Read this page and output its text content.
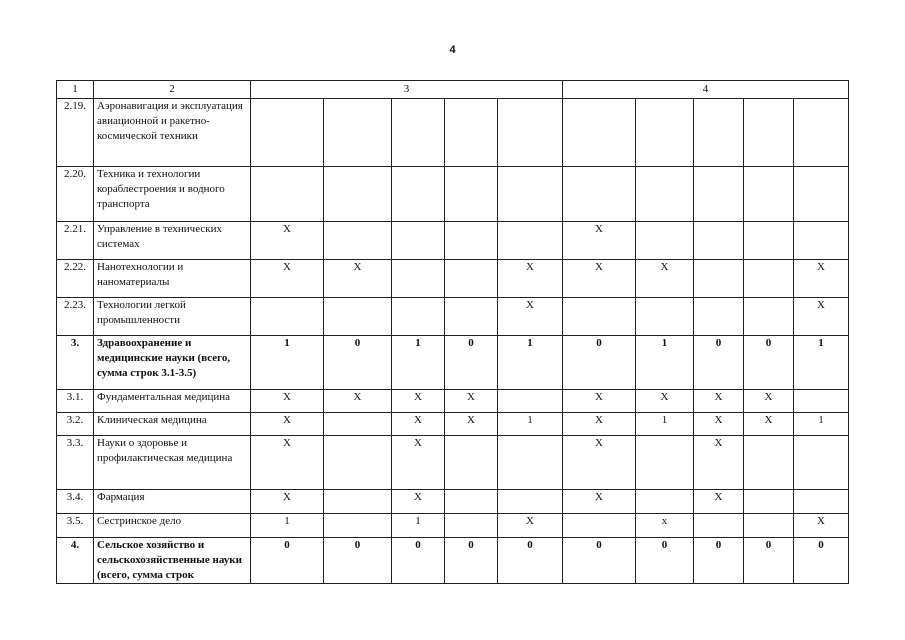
4
1	2	3					4				
2.19.	Аэронавигация и эксплуатация авиационной и ракетно-космической техники										
2.20.	Техника и технологии кораблестроения и водного транспорта										
2.21.	Управление в технических системах	X					X				
2.22.	Нанотехнологии и наноматериалы	X	X			X	X	X			X
2.23.	Технологии легкой промышленности					X					X
3.	Здравоохранение и медицинские науки (всего, сумма строк 3.1-3.5)	1	0	1	0	1	0	1	0	0	1
3.1.	Фундаментальная медицина	X	X	X	X		X	X	X	X	
3.2.	Клиническая медицина	X		X	X	1	X	1	X	X	1
3.3.	Науки о здоровье и профилактическая медицина	X		X			X		X		
3.4.	Фармация	X		X			X		X		
3.5.	Сестринское дело	1		1		X		x			X
4.	Сельское хозяйство и сельскохозяйственные науки (всего, сумма строк	0	0	0	0	0	0	0	0	0	0
